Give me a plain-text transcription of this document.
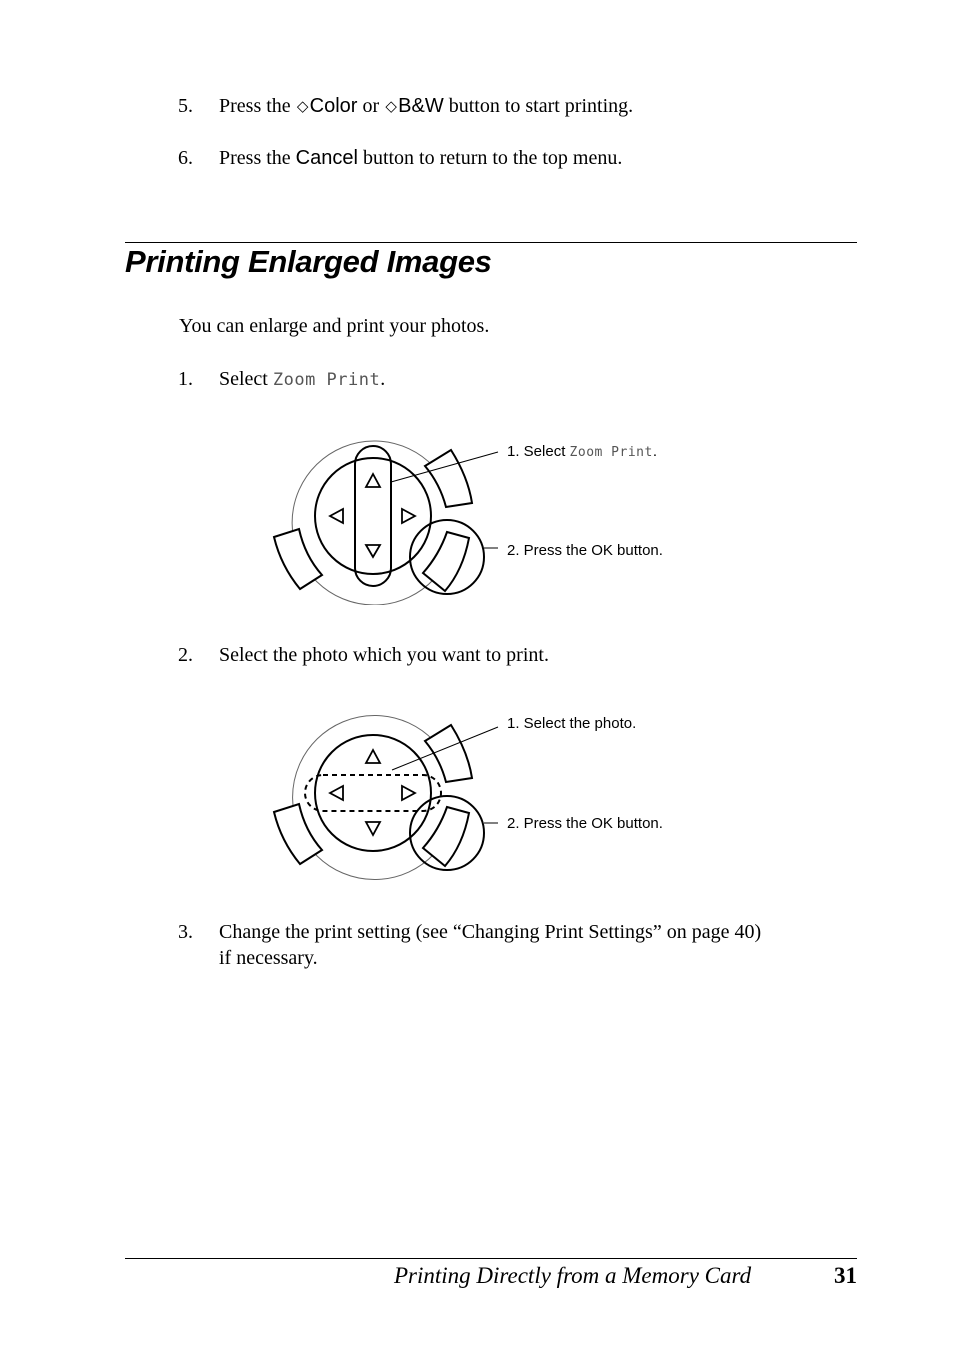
5.	Press the ◇Color or ◇B&W button to start printing.
6.	Press the Cancel button to return to the top menu.
Printing Enlarged Images
You can enlarge and print your photos.
1.	Select Zoom Print.
1. Select Zoom Print.
2. Press the OK button.
2.	Select the photo which you want to print.
1. Select the photo.
2. Press the OK button.
3.	Change the print setting (see “Changing Print Settings” on page 40)
if necessary.
Printing Directly from a Memory Card	31
